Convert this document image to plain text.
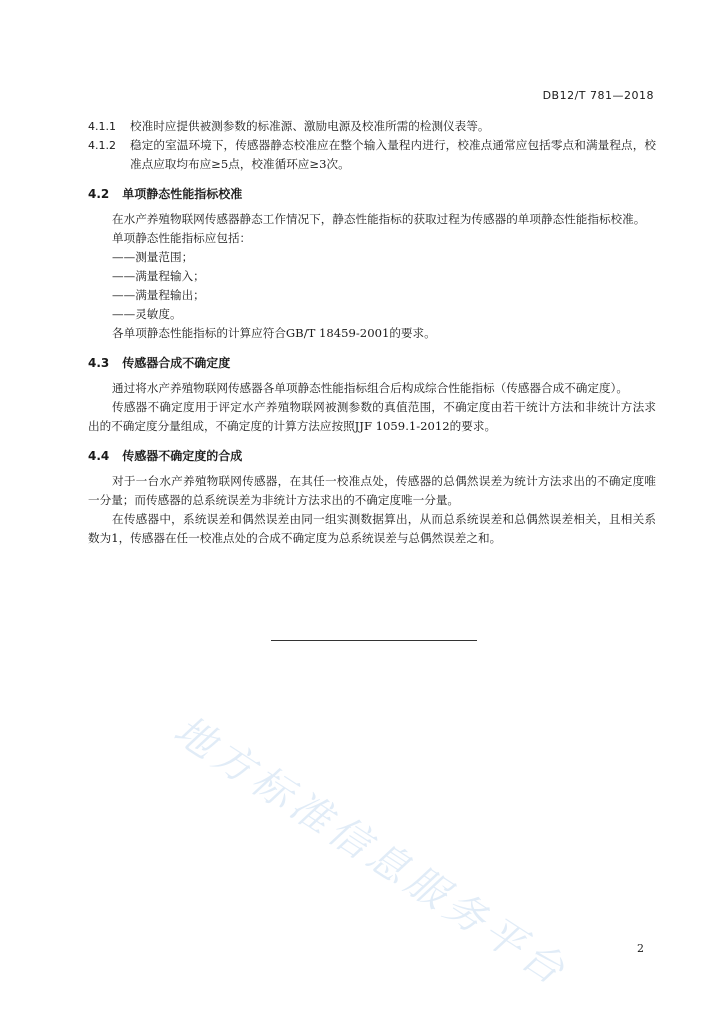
DB12/T 781—2018
4.1.1	校准时应提供被测参数的标准源、激励电源及校准所需的检测仪表等。

4.1.2	稳定的室温环境下，传感器静态校准应在整个输入量程内进行，校准点通常应包括零点和满量程点，校准点应取均布应≥5点，校准循环应≥3次。

4.2 单项静态性能指标校准

在水产养殖物联网传感器静态工作情况下，静态性能指标的获取过程为传感器的单项静态性能指标校准。

单项静态性能指标应包括：

——测量范围；

——满量程输入；

——满量程输出；

——灵敏度。

各单项静态性能指标的计算应符合GB/T 18459-2001的要求。

4.3 传感器合成不确定度

通过将水产养殖物联网传感器各单项静态性能指标组合后构成综合性能指标（传感器合成不确定度）。

传感器不确定度用于评定水产养殖物联网被测参数的真值范围，不确定度由若干统计方法和非统计方法求出的不确定度分量组成，不确定度的计算方法应按照JJF 1059.1-2012的要求。

4.4 传感器不确定度的合成

对于一台水产养殖物联网传感器，在其任一校准点处，传感器的总偶然误差为统计方法求出的不确定度唯一分量；而传感器的总系统误差为非统计方法求出的不确定度唯一分量。

在传感器中，系统误差和偶然误差由同一组实测数据算出，从而总系统误差和总偶然误差相关，且相关系数为1，传感器在任一校准点处的合成不确定度为总系统误差与总偶然误差之和。

地方标准信息服务平台	2
